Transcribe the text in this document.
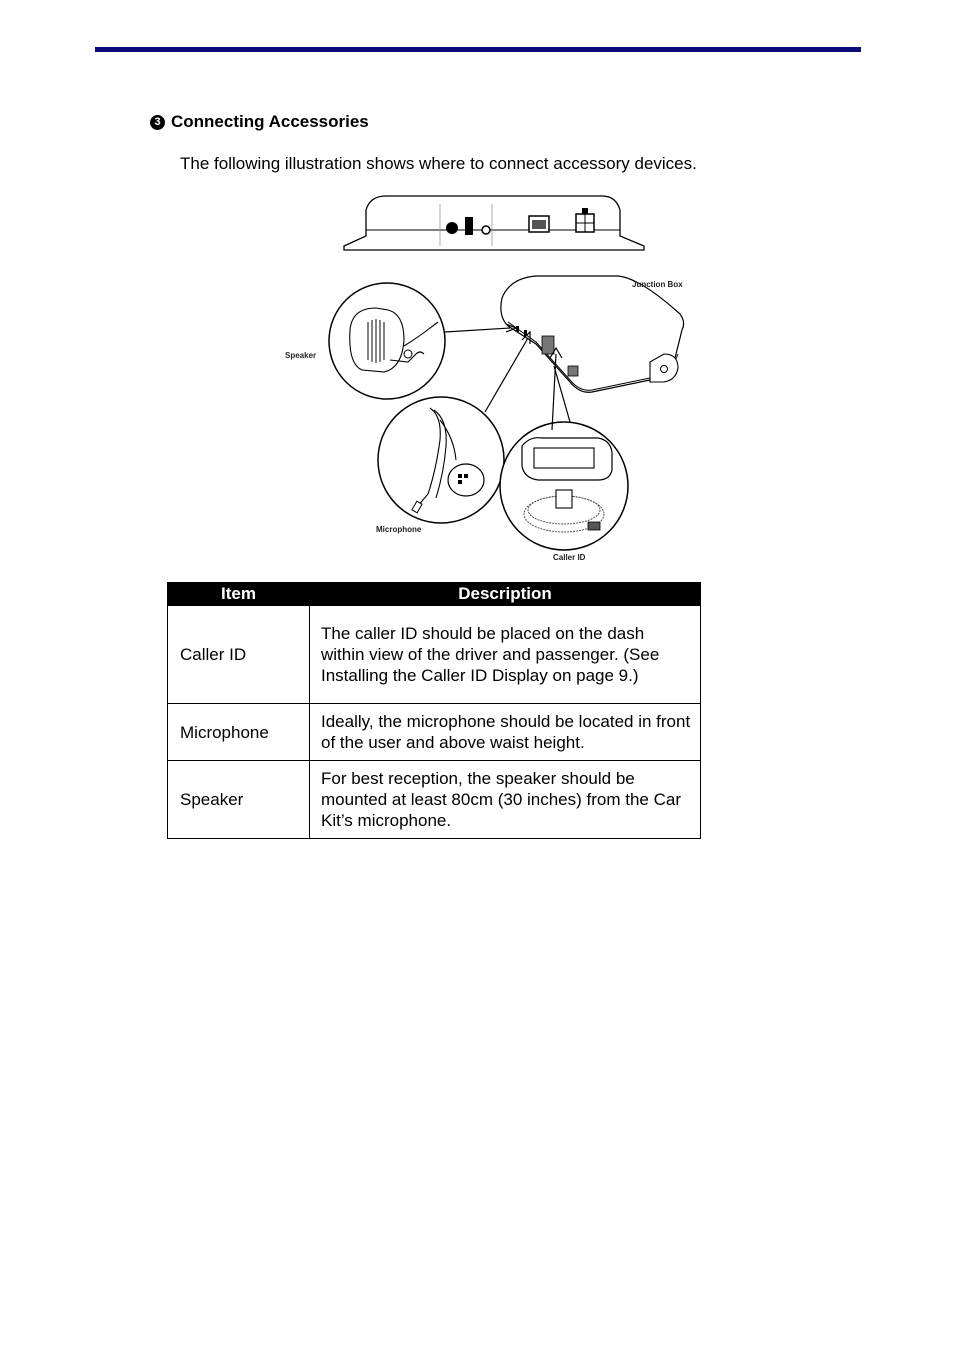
3 Connecting Accessories
The following illustration shows where to connect accessory devices.
Junction Box
Speaker
Microphone
Caller ID
Item	Description
Caller ID	The caller ID should be placed on the dash within view of the driver and passenger. (See Installing the Caller ID Display on page 9.)
Microphone	Ideally, the microphone should be located in front of the user and above waist height.
Speaker	For best reception, the speaker should be mounted at least 80cm (30 inches) from the Car Kit’s microphone.
